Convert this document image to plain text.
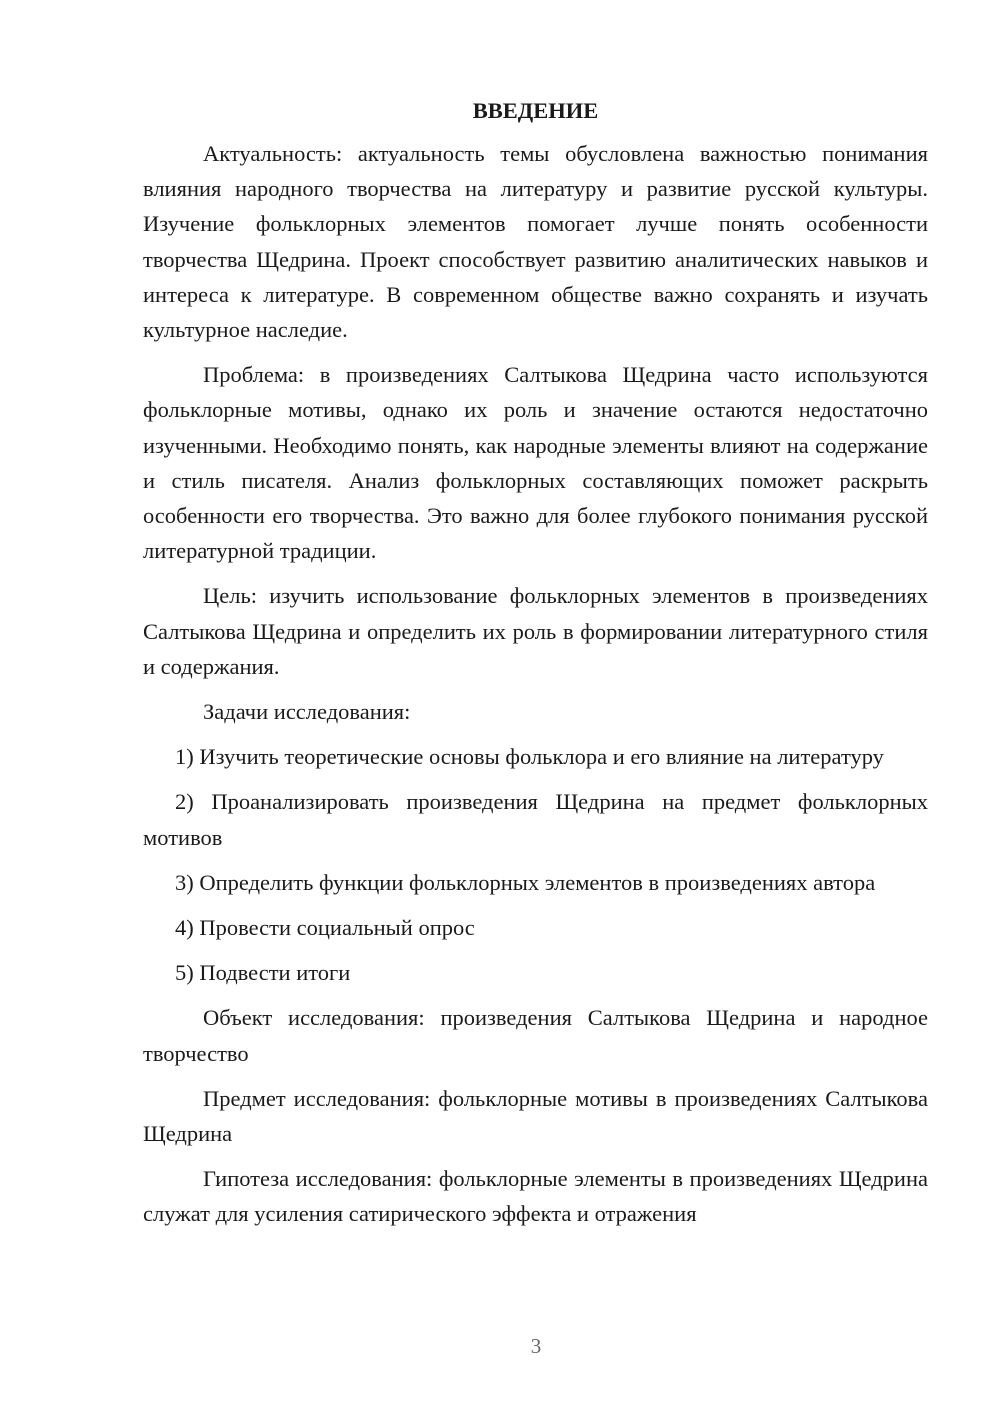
ВВЕДЕНИЕ

Актуальность: актуальность темы обусловлена важностью понимания влияния народного творчества на литературу и развитие русской культуры. Изучение фольклорных элементов помогает лучше понять особенности творчества Щедрина. Проект способствует развитию аналитических навыков и интереса к литературе. В современном обществе важно сохранять и изучать культурное наследие.

Проблема: в произведениях Салтыкова Щедрина часто используются фольклорные мотивы, однако их роль и значение остаются недостаточно изученными. Необходимо понять, как народные элементы влияют на содержание и стиль писателя. Анализ фольклорных составляющих поможет раскрыть особенности его творчества. Это важно для более глубокого понимания русской литературной традиции.

Цель: изучить использование фольклорных элементов в произведениях Салтыкова Щедрина и определить их роль в формировании литературного стиля и содержания.

Задачи исследования:

1) Изучить теоретические основы фольклора и его влияние на литературу

2) Проанализировать произведения Щедрина на предмет фольклорных мотивов

3) Определить функции фольклорных элементов в произведениях автора

4) Провести социальный опрос

5) Подвести итоги

Объект исследования: произведения Салтыкова Щедрина и народное творчество

Предмет исследования: фольклорные мотивы в произведениях Салтыкова Щедрина

Гипотеза исследования: фольклорные элементы в произведениях Щедрина служат для усиления сатирического эффекта и отражения

3
